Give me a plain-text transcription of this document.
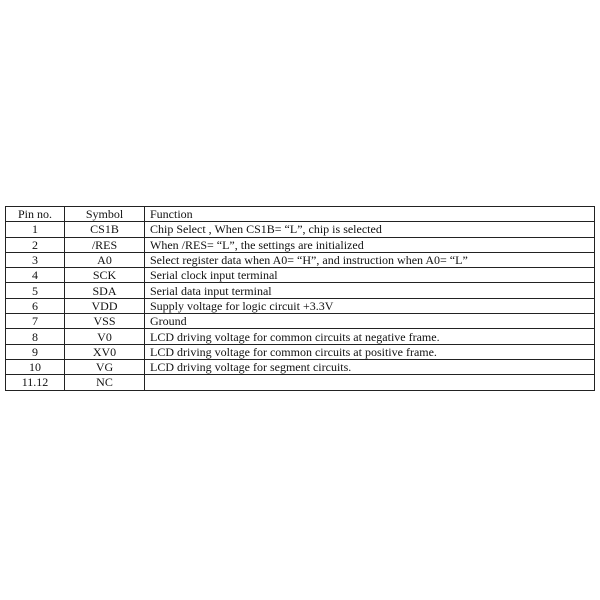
Pin no.	Symbol	Function
1	CS1B	Chip Select , When CS1B= “L”, chip is selected
2	/RES	When /RES= “L”, the settings are initialized
3	A0	Select register data when A0= “H”, and instruction when A0= “L”
4	SCK	Serial clock input terminal
5	SDA	Serial data input terminal
6	VDD	Supply voltage for logic circuit +3.3V
7	VSS	Ground
8	V0	LCD driving voltage for common circuits at negative frame.
9	XV0	LCD driving voltage for common circuits at positive frame.
10	VG	LCD driving voltage for segment circuits.
11.12	NC	
